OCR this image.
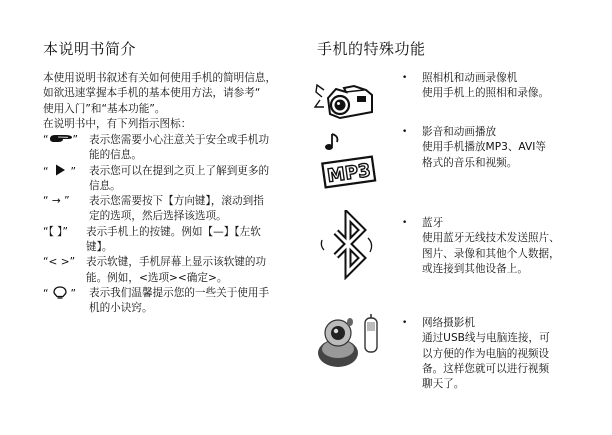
本说明书简介

本使用说明书叙述有关如何使用手机的简明信息，

如欲迅速掌握本手机的基本使用方法，请参考“

使用入门”和“基本功能”。

在说明书中，有下列指示图标：

“ ”	表示您需要小心注意关于安全或手机功
能的信息。
“ ”	表示您可以在提到之页上了解到更多的
信息。
“ → ”	表示您需要按下【方向键】，滚动到指
定的选项，然后选择该选项。
“【 】”	表示手机上的按键。例如【—】【左软
键】。
“< >”	表示软键，手机屏幕上显示该软键的功
能。例如，<选项><确定>。
“ ”	表示我们温馨提示您的一些关于使用手
机的小诀窍。
手机的特殊功能
• 照相机和动画录像机
使用手机上的照相和录像。
MP3
• 影音和动画播放
使用手机播放MP3、AVI等
格式的音乐和视频。
• 蓝牙
使用蓝牙无线技术发送照片、
图片、录像和其他个人数据，
或连接到其他设备上。
• 网络摄影机
通过USB线与电脑连接，可
以方便的作为电脑的视频设
备。这样您就可以进行视频
聊天了。
